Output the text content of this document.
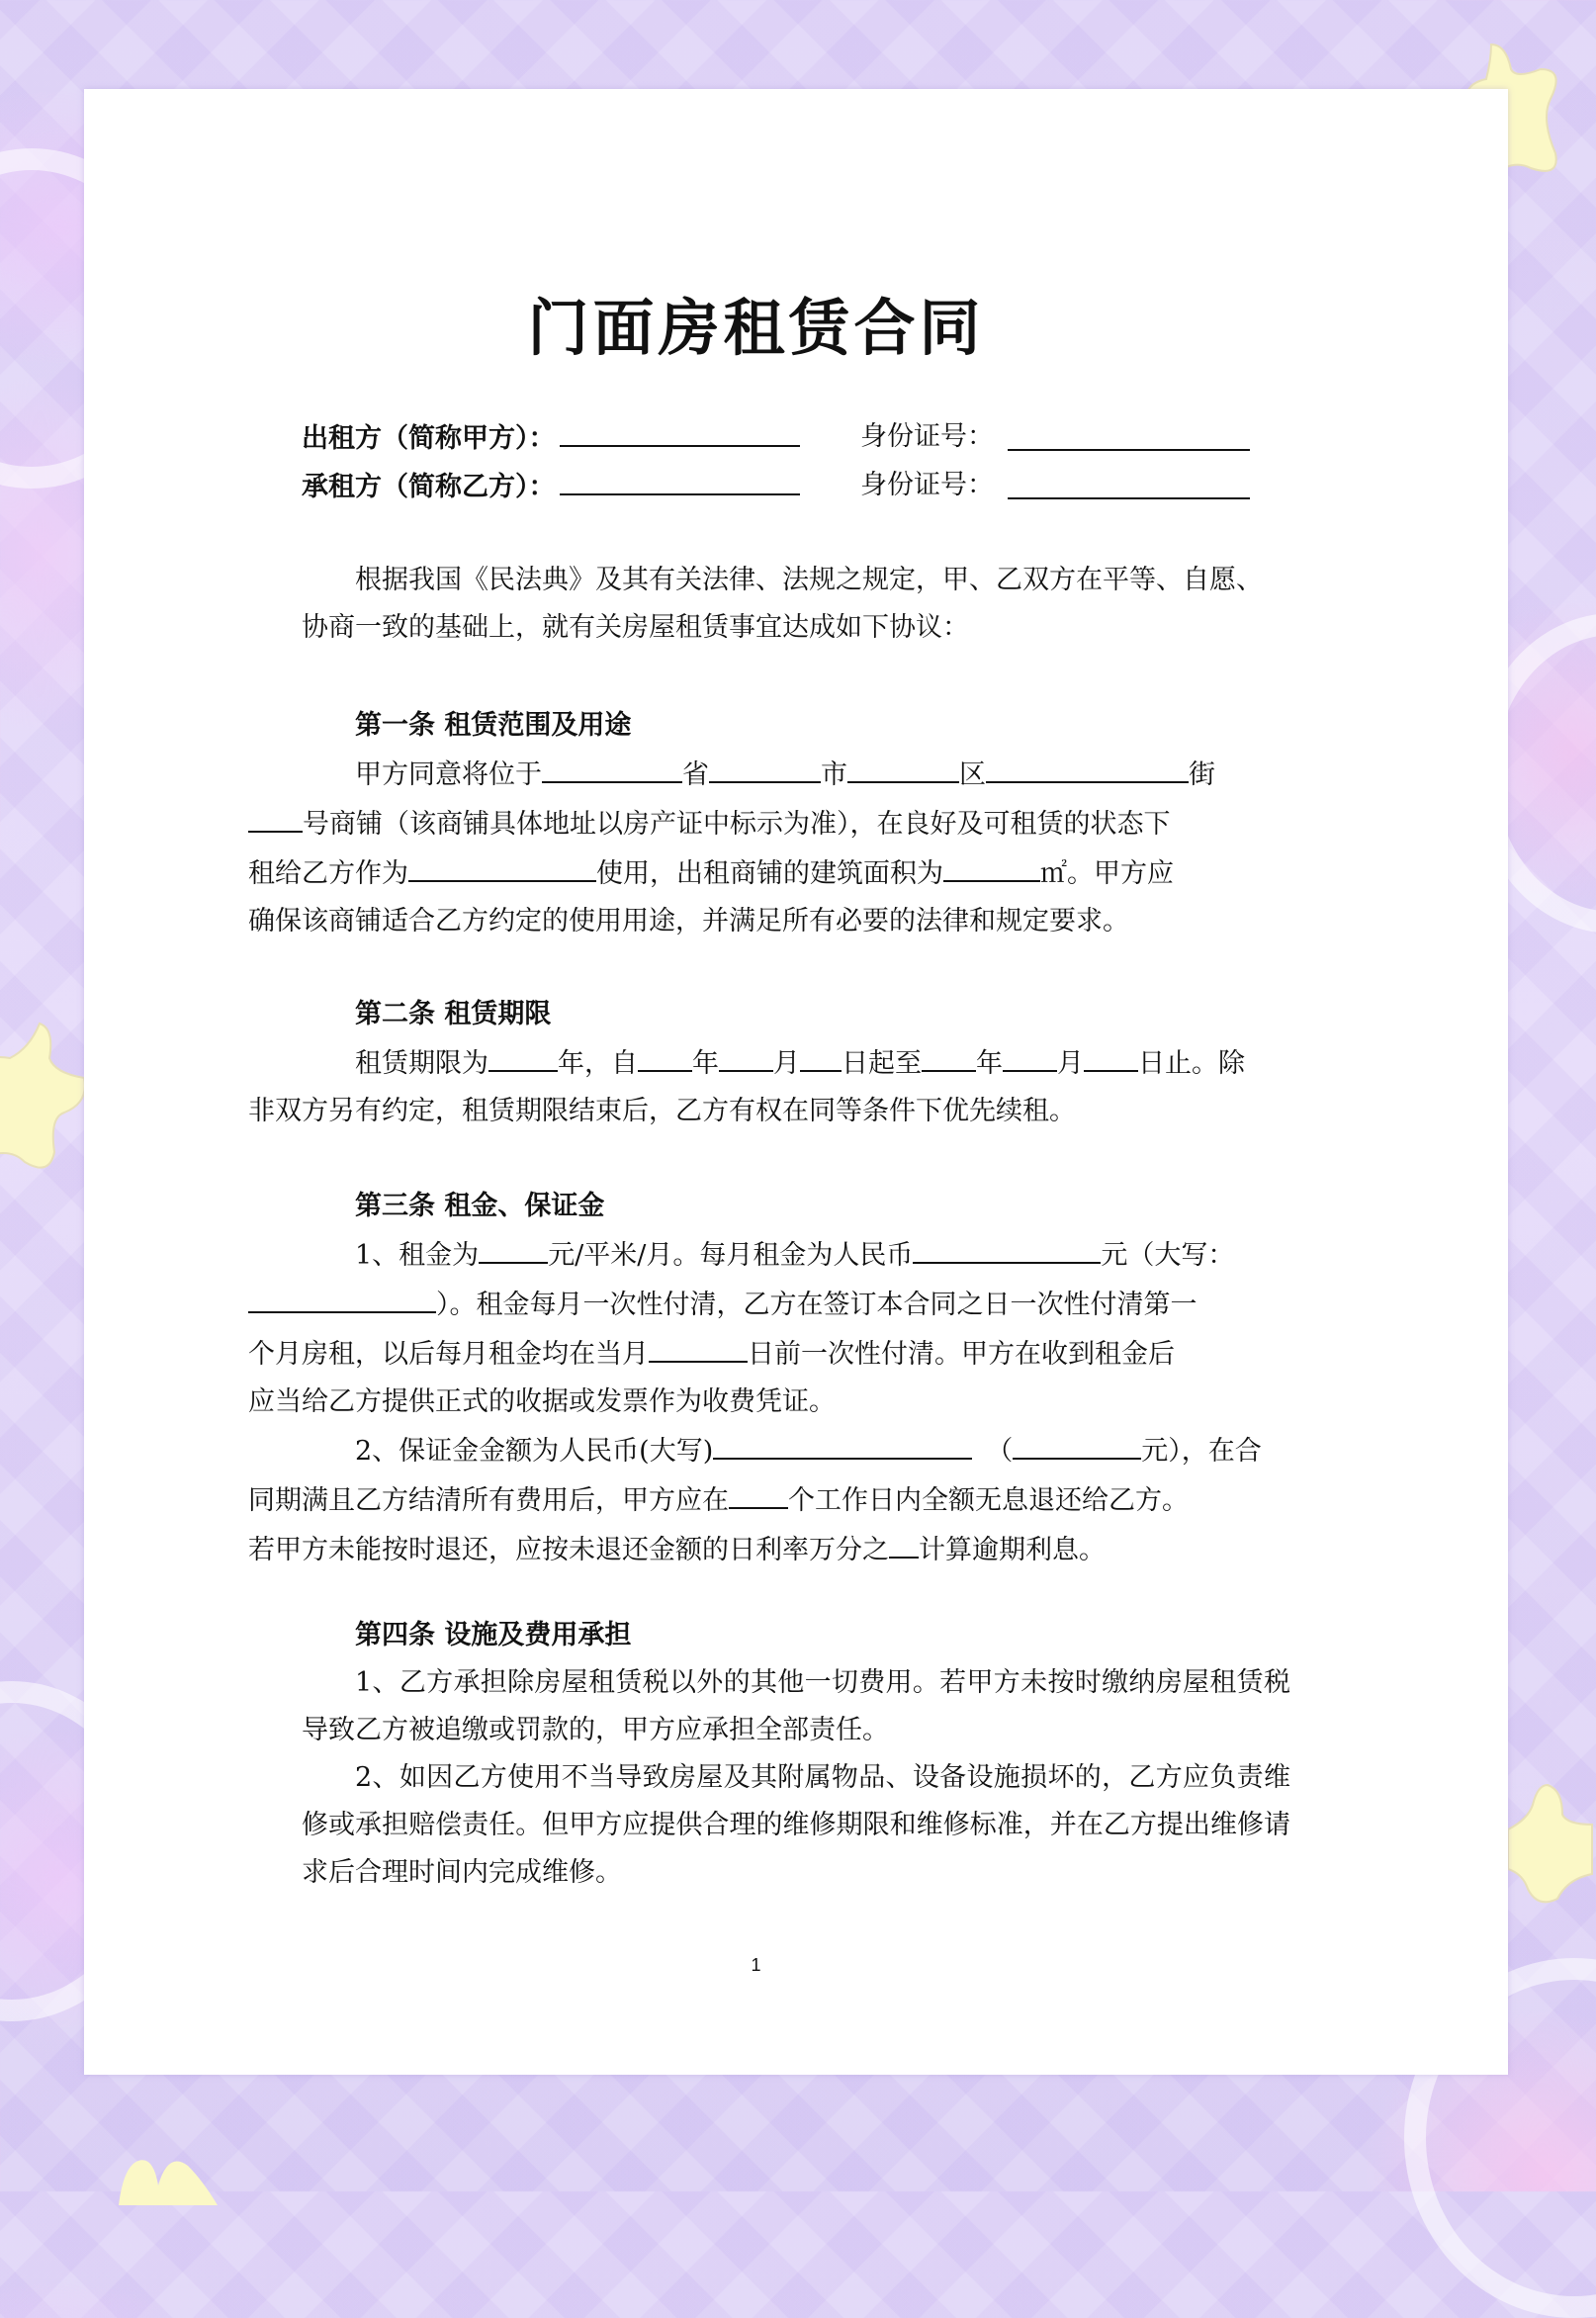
门面房租赁合同
出租方（简称甲方）：	身份证号：
承租方（简称乙方）：	身份证号：

根据我国《民法典》及其有关法律、法规之规定，甲、乙双方在平等、自愿、

协商一致的基础上，就有关房屋租赁事宜达成如下协议：
第一条 租赁范围及用途

甲方同意将位于	省	市	区	街
号商铺（该商铺具体地址以房产证中标示为准），在良好及可租赁的状态下
租给乙方作为	使用，出租商铺的建筑面积为	㎡。甲方应
确保该商铺适合乙方约定的使用用途，并满足所有必要的法律和规定要求。

第二条 租赁期限

租赁期限为	年，自 年 月 日起至 年 月 日止。除
非双方另有约定，租赁期限结束后，乙方有权在同等条件下优先续租。

第三条 租金、保证金

1、租金为	元/平米/月。每月租金为人民币	元（大写：
）。租金每月一次性付清，乙方在签订本合同之日一次性付清第一
个月房租，以后每月租金均在当月	日前一次性付清。甲方在收到租金后
应当给乙方提供正式的收据或发票作为收费凭证。

2、保证金金额为人民币(大写)	（	元），在合
同期满且乙方结清所有费用后，甲方应在 个工作日内全额无息退还给乙方。
若甲方未能按时退还，应按未退还金额的日利率万分之 计算逾期利息。

第四条 设施及费用承担

1、乙方承担除房屋租赁税以外的其他一切费用。若甲方未按时缴纳房屋租赁税导致乙方被追缴或罚款的，甲方应承担全部责任。

2、如因乙方使用不当导致房屋及其附属物品、设备设施损坏的，乙方应负责维修或承担赔偿责任。但甲方应提供合理的维修期限和维修标准，并在乙方提出维修请求后合理时间内完成维修。

1
